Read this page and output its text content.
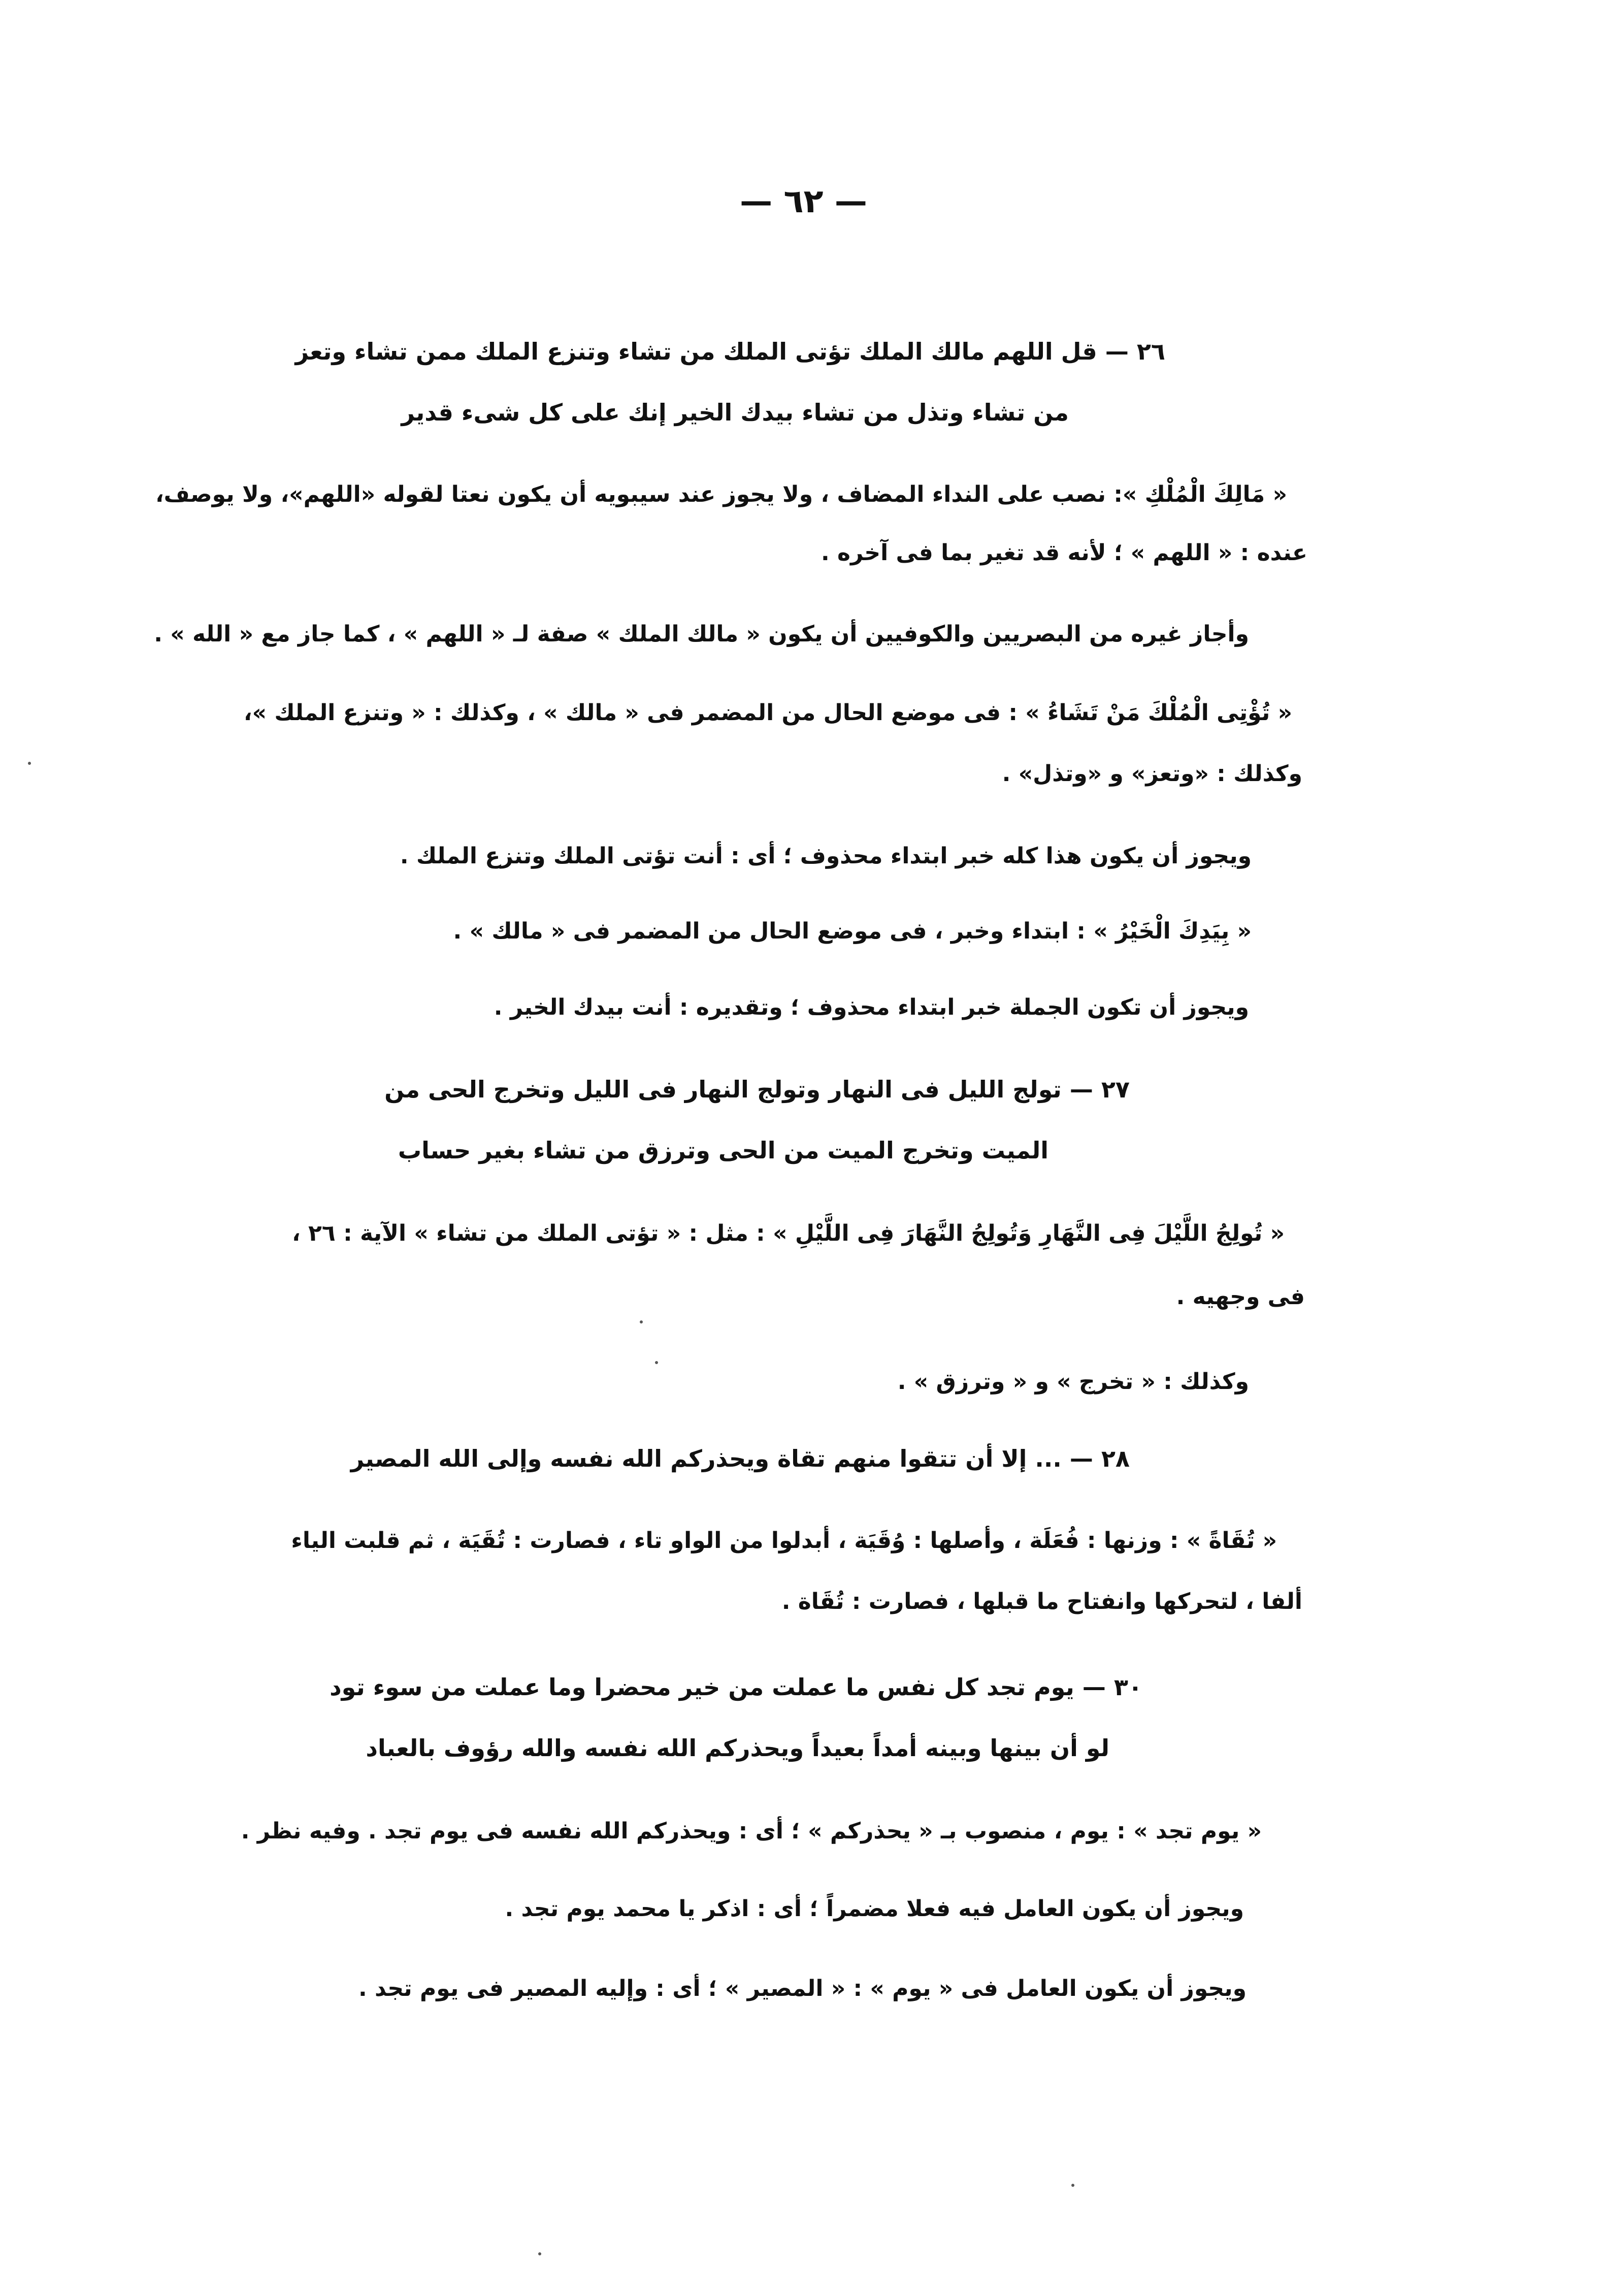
— ٦٢ —
٢٦ — قل اللهم مالك الملك تؤتى الملك من تشاء وتنزع الملك ممن تشاء وتعز
من تشاء وتذل من تشاء بيدك الخير إنك على كل شىء قدير
« مَالِكَ الْمُلْكِ »: نصب على النداء المضاف ، ولا يجوز عند سيبويه أن يكون نعتا لقوله «اللهم»، ولا يوصف،
عنده : « اللهم » ؛ لأنه قد تغير بما فى آخره .
وأجاز غيره من البصريين والكوفيين أن يكون « مالك الملك » صفة لـ « اللهم » ، كما جاز مع « الله » .
« تُؤْتِى الْمُلْكَ مَنْ تَشَاءُ » : فى موضع الحال من المضمر فى « مالك » ، وكذلك : « وتنزع الملك »،
وكذلك : «وتعز» و «وتذل» .
ويجوز أن يكون هذا كله خبر ابتداء محذوف ؛ أى : أنت تؤتى الملك وتنزع الملك .
« بِيَدِكَ الْخَيْرُ » : ابتداء وخبر ، فى موضع الحال من المضمر فى « مالك » .
ويجوز أن تكون الجملة خبر ابتداء محذوف ؛ وتقديره : أنت بيدك الخير .
٢٧ — تولج الليل فى النهار وتولج النهار فى الليل وتخرج الحى من
الميت وتخرج الميت من الحى وترزق من تشاء بغير حساب
« تُولِجُ اللَّيْلَ فِى النَّهَارِ وَتُولِجُ النَّهَارَ فِى اللَّيْلِ » : مثل : « تؤتى الملك من تشاء » الآية : ٢٦ ،
فى وجهيه .
وكذلك : « تخرج » و « وترزق » .
٢٨ — ... إلا أن تتقوا منهم تقاة ويحذركم الله نفسه وإلى الله المصير
« تُقَاةً » : وزنها : فُعَلَة ، وأصلها : وُقَيَة ، أبدلوا من الواو تاء ، فصارت : تُقَيَة ، ثم قلبت الياء
ألفا ، لتحركها وانفتاح ما قبلها ، فصارت : تُقَاة .
٣٠ — يوم تجد كل نفس ما عملت من خير محضرا وما عملت من سوء تود
لو أن بينها وبينه أمداً بعيداً ويحذركم الله نفسه والله رؤوف بالعباد
« يوم تجد » : يوم ، منصوب بـ « يحذركم » ؛ أى : ويحذركم الله نفسه فى يوم تجد . وفيه نظر .
ويجوز أن يكون العامل فيه فعلا مضمراً ؛ أى : اذكر يا محمد يوم تجد .
ويجوز أن يكون العامل فى « يوم » : « المصير » ؛ أى : وإليه المصير فى يوم تجد .
